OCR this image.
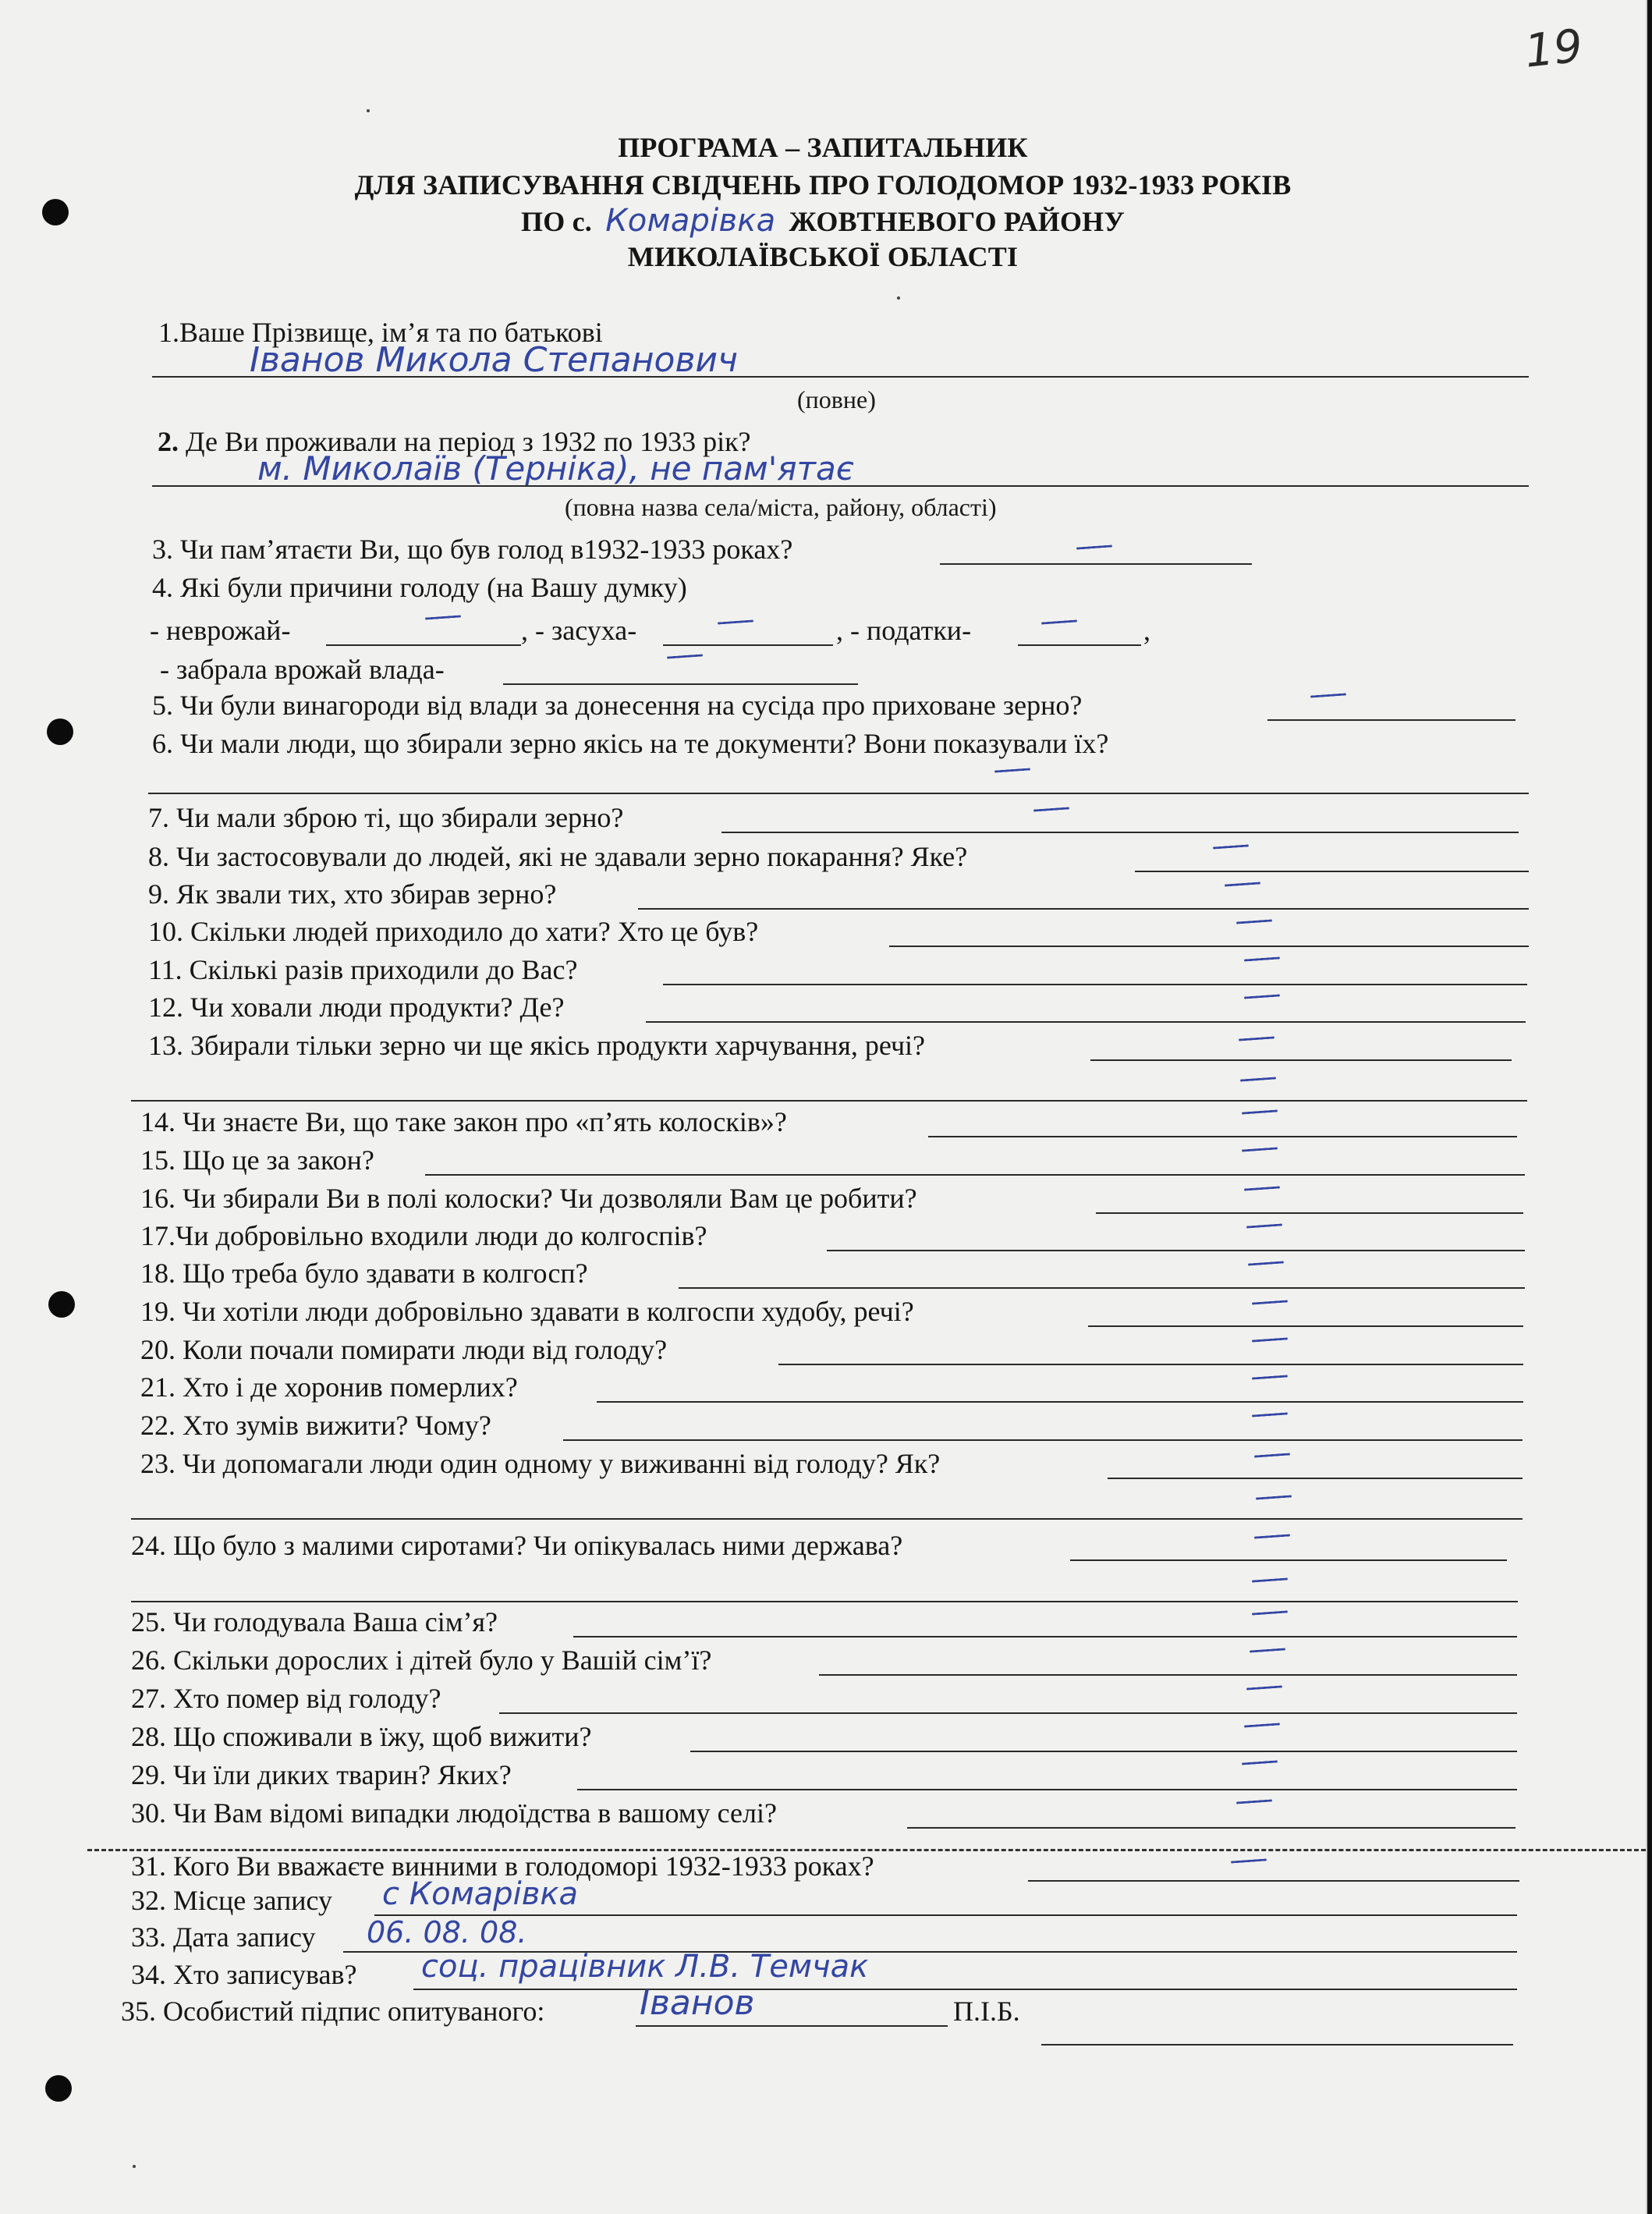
19
ПРОГРАМА – ЗАПИТАЛЬНИК
ДЛЯ ЗАПИСУВАННЯ СВІДЧЕНЬ ПРО ГОЛОДОМОР 1932-1933 РОКІВ
ПО с. Комарівка ЖОВТНЕВОГО РАЙОНУ
МИКОЛАЇВСЬКОЇ ОБЛАСТІ
1.Ваше Прізвище, ім’я та по батькові
Іванов Микола Степанович
(повне)
2. Де Ви проживали на період з 1932 по 1933 рік?
м. Миколаїв (Терніка), не пам'ятає
(повна назва села/міста, району, області)
3. Чи пам’ятаєти Ви, що був голод в1932-1933 роках?
4. Які були причини голоду (на Вашу думку)
- неврожай-	, - засуха-	, - податки-	,
- забрала врожай влада-
5. Чи були винагороди від влади за донесення на сусіда про приховане зерно?
6. Чи мали люди, що збирали зерно якісь на те документи? Вони показували їх?
7. Чи мали зброю ті, що збирали зерно?
8. Чи застосовували до людей, які не здавали зерно покарання? Яке?
9. Як звали тих, хто збирав зерно?
10. Скільки людей приходило до хати? Хто це був?
11. Скількі разів приходили до Вас?
12. Чи ховали люди продукти? Де?
13. Збирали тільки зерно чи ще якісь продукти харчування, речі?
14. Чи знаєте Ви, що таке закон про «п’ять колосків»?
15. Що це за закон?
16. Чи збирали Ви в полі колоски? Чи дозволяли Вам це робити?
17.Чи добровільно входили люди до колгоспів?
18. Що треба було здавати в колгосп?
19. Чи хотіли люди добровільно здавати в колгоспи худобу, речі?
20. Коли почали помирати люди від голоду?
21. Хто і де хоронив померлих?
22. Хто зумів вижити? Чому?
23. Чи допомагали люди один одному у виживанні від голоду? Як?
24. Що було з малими сиротами? Чи опікувалась ними держава?
25. Чи голодувала Ваша сім’я?
26. Скільки дорослих і дітей було у Вашій сім’ї?
27. Хто помер від голоду?
28. Що споживали в їжу, щоб вижити?
29. Чи їли диких тварин? Яких?
30. Чи Вам відомі випадки людоїдства в вашому селі?
31. Кого Ви вважаєте винними в голодоморі 1932-1933 роках?
32. Місце запису с Комарівка
33. Дата запису 06. 08. 08.
34. Хто записував? соц. працівник Л.В. Темчак
35. Особистий підпис опитуваного:	Іванов	П.І.Б.
